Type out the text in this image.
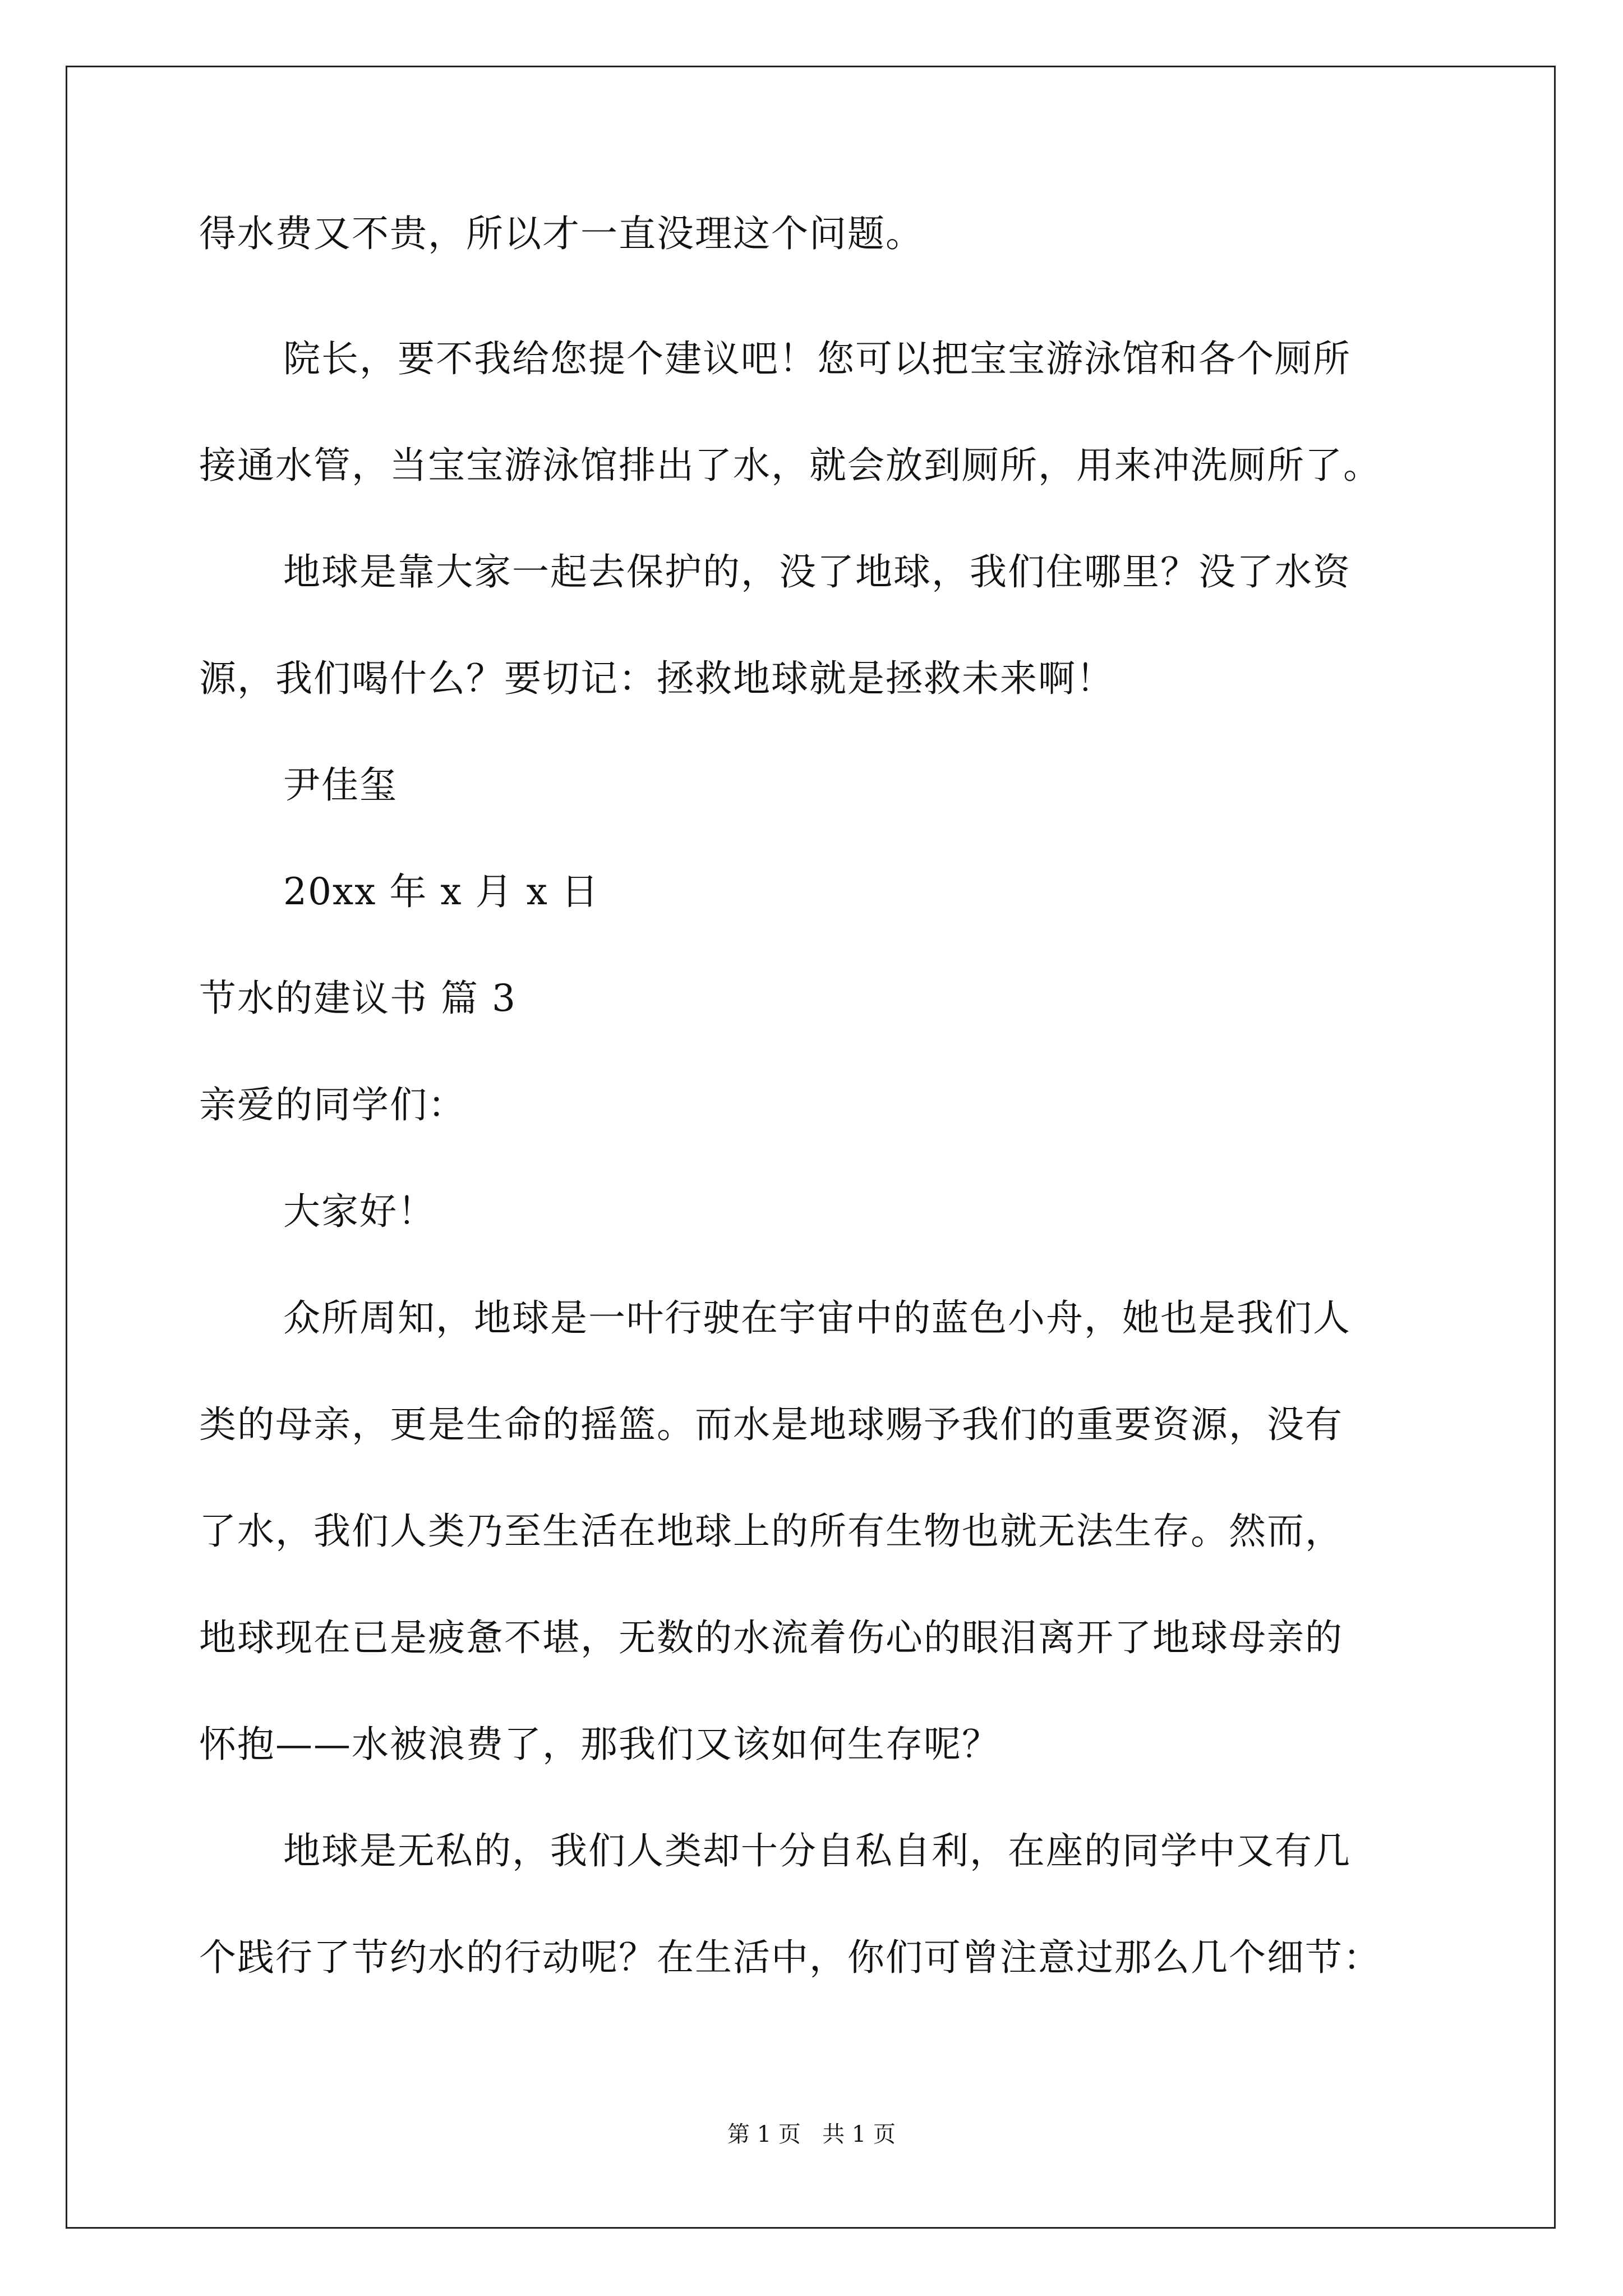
得水费又不贵，所以才一直没理这个问题。
院长，要不我给您提个建议吧！您可以把宝宝游泳馆和各个厕所
接通水管，当宝宝游泳馆排出了水，就会放到厕所，用来冲洗厕所了。
地球是靠大家一起去保护的，没了地球，我们住哪里？没了水资
源，我们喝什么？要切记：拯救地球就是拯救未来啊！
尹佳玺
20xx 年 x 月 x 日
节水的建议书 篇 3
亲爱的同学们：
大家好！
众所周知，地球是一叶行驶在宇宙中的蓝色小舟，她也是我们人
类的母亲，更是生命的摇篮。而水是地球赐予我们的重要资源，没有
了水，我们人类乃至生活在地球上的所有生物也就无法生存。然而，
地球现在已是疲惫不堪，无数的水流着伤心的眼泪离开了地球母亲的
怀抱——水被浪费了，那我们又该如何生存呢？
地球是无私的，我们人类却十分自私自利，在座的同学中又有几
个践行了节约水的行动呢？在生活中，你们可曾注意过那么几个细节：
第 1 页   共 1 页
